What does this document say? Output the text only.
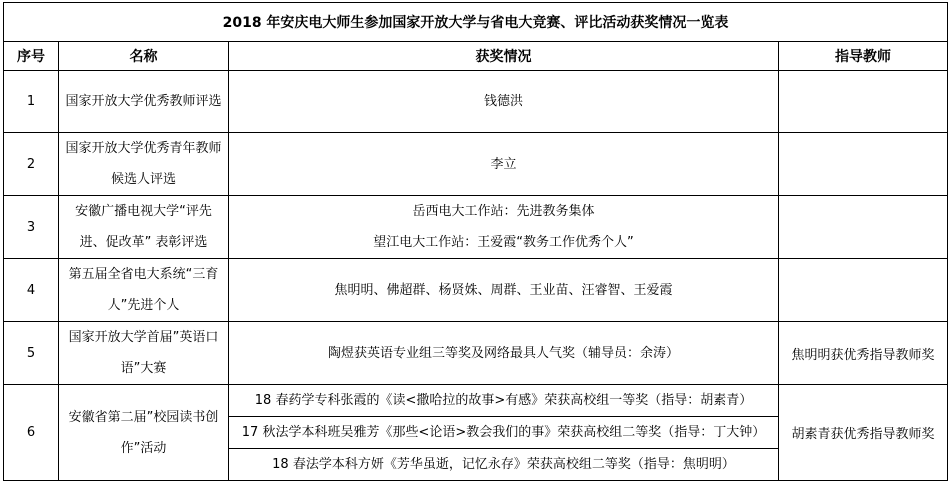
2018 年安庆电大师生参加国家开放大学与省电大竞赛、评比活动获奖情况一览表			
序号	名称	获奖情况	指导教师
1	国家开放大学优秀教师评选	钱德洪	

2	国家开放大学优秀青年教师候选人评选	李立	

3	安徽广播电视大学“评先进、促改革” 表彰评选	岳西电大工作站：先进教务集体
望江电大工作站：王爱霞“教务工作优秀个人”	

4	第五届全省电大系统“三育人”先进个人	焦明明、佛超群、杨贤姝、周群、王业苗、汪睿智、王爱霞	

5	国家开放大学首届”英语口语”大赛	陶煜获英语专业组三等奖及网络最具人气奖（辅导员：余涛）	焦明明获优秀指导教师奖
6	安徽省第二届”校园读书创作”活动	18 春药学专科张霞的《读<撒哈拉的故事>有感》荣获高校组一等奖（指导：胡素青）	胡素青获优秀指导教师奖

		17 秋法学本科班吴雅芳《那些<论语>教会我们的事》荣获高校组二等奖（指导：丁大钟）	

		18 春法学本科方妍《芳华虽逝，记忆永存》荣获高校组二等奖（指导：焦明明）	
